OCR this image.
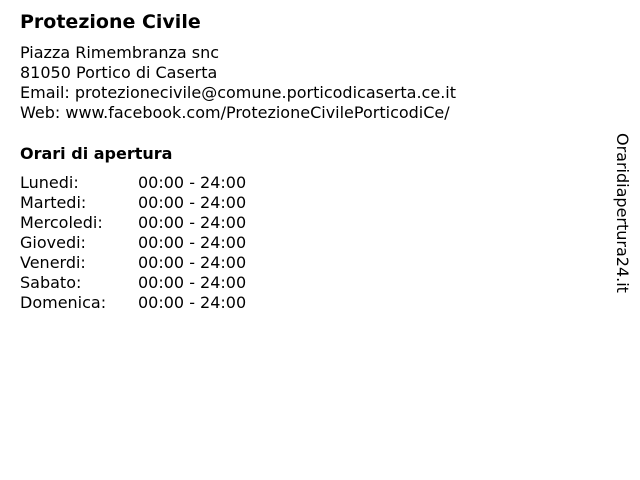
Protezione Civile
Piazza Rimembranza snc
81050 Portico di Caserta
Email: protezionecivile@comune.porticodicaserta.ce.it
Web: www.facebook.com/ProtezioneCivilePorticodiCe/
Orari di apertura
Lunedi:	00:00 - 24:00
Martedi:	00:00 - 24:00
Mercoledi: 00:00 - 24:00
Giovedi:	00:00 - 24:00
Venerdi:	00:00 - 24:00
Sabato:	00:00 - 24:00
Domenica: 00:00 - 24:00
Oraridiapertura24.it
